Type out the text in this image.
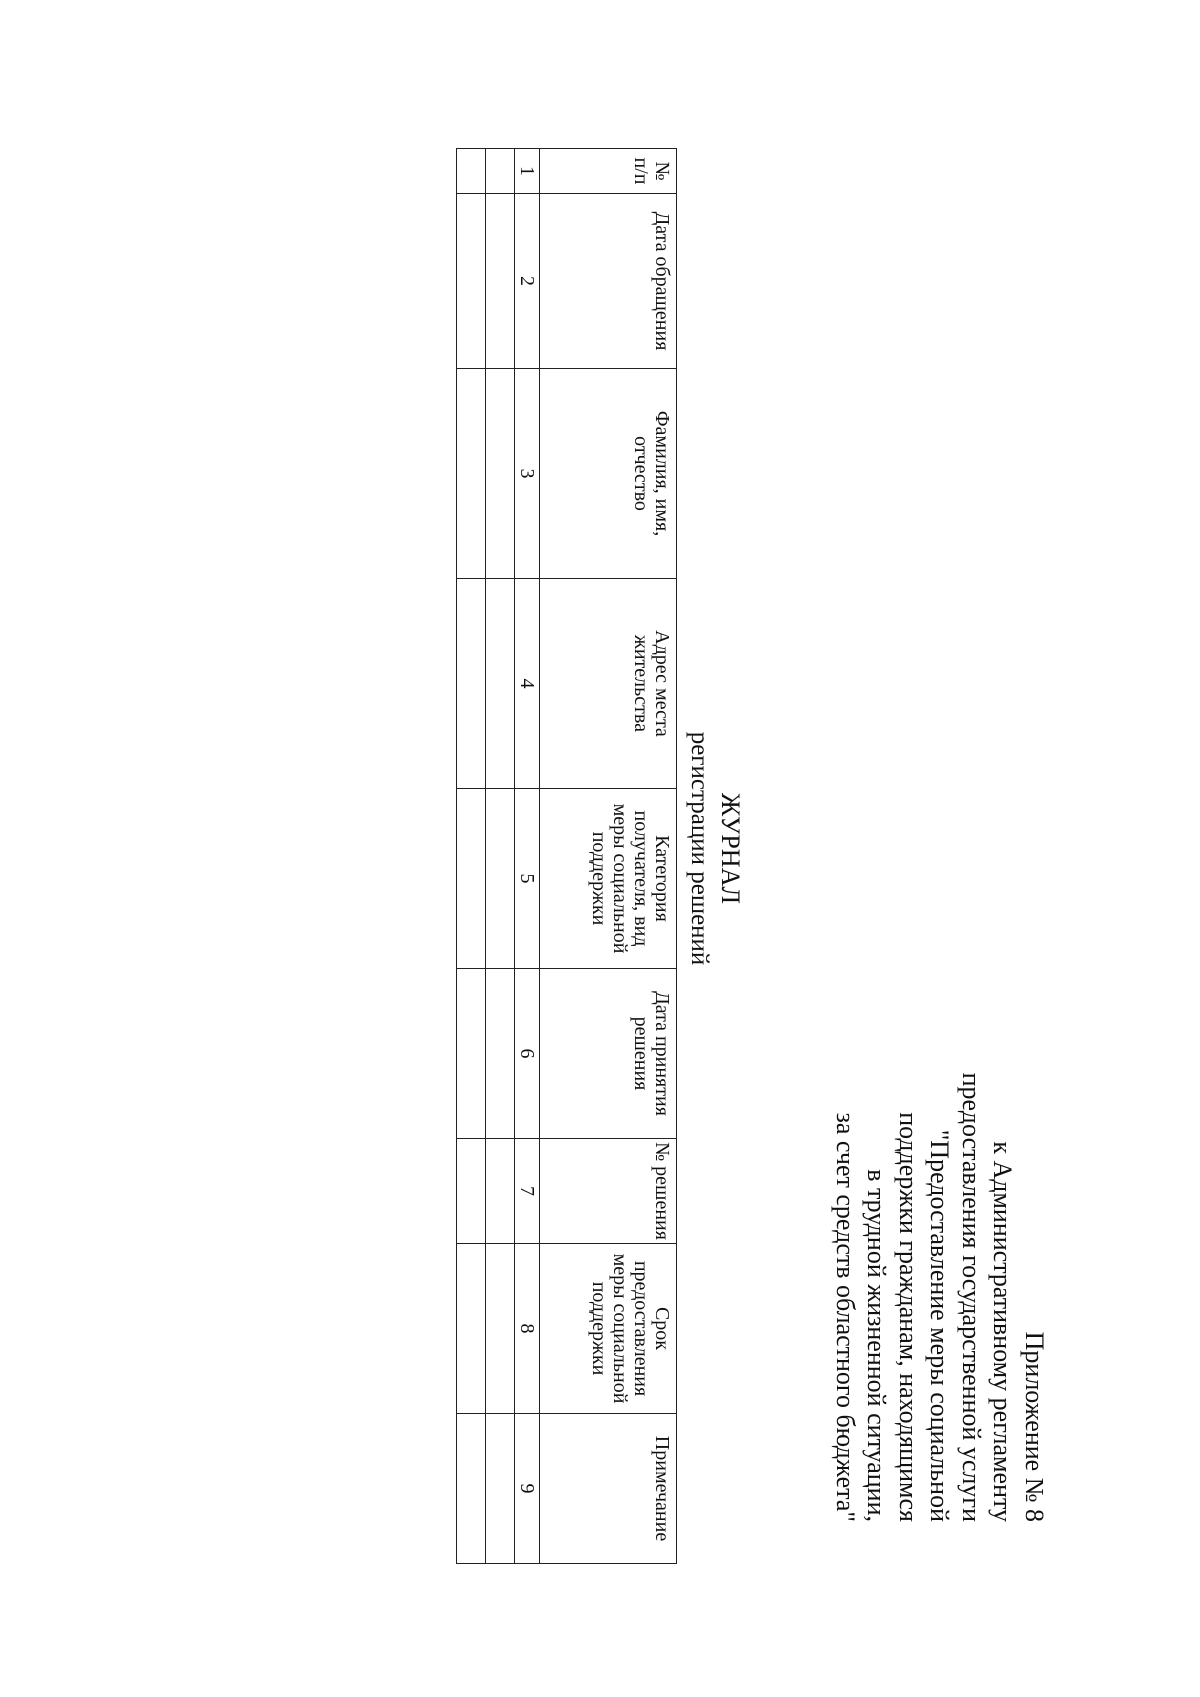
Приложение № 8
к Административному регламенту
предоставления государственной услуги
"Предоставление меры социальной
поддержки гражданам, находящимся
в трудной жизненной ситуации,
за счет средств областного бюджета"
ЖУРНАЛ
регистрации решений
№ п/п	Дата обращения	Фамилия, имя, отчество	Адрес места жительства	Категория получателя, вид меры социальной поддержки	Дата принятия решения	№ решения	Срок предоставления меры социальной поддержки	Примечание
1	2	3	4	5	6	7	8	9
